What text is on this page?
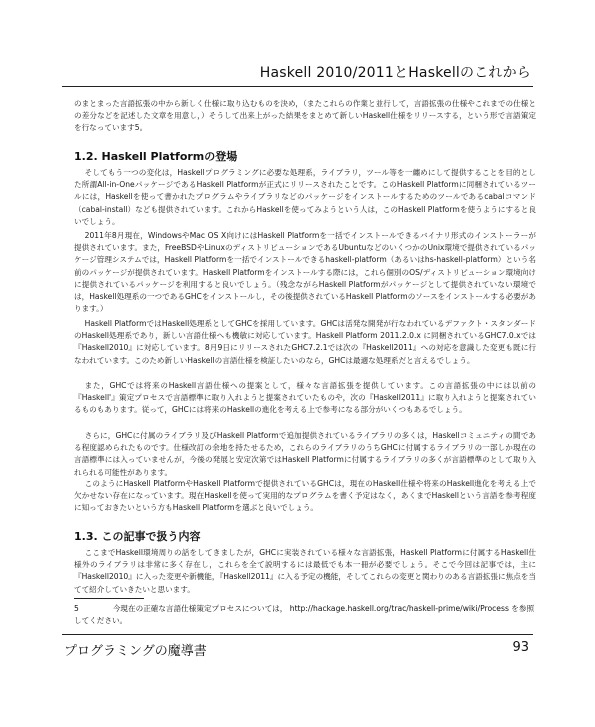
Haskell 2010/2011とHaskellのこれから

のまとまった言語拡張の中から新しく仕様に取り込むものを決め，（またこれらの作業と並行して，言語拡張の仕様やこれまでの仕様との差分などを記述した文章を用意し，）そうして出来上がった結果をまとめて新しいHaskell仕様をリリースする，という形で言語策定を行なっています5。

1.2. Haskell Platformの登場

そしてもう一つの変化は，Haskellプログラミングに必要な処理系，ライブラリ，ツール等を一纏めにして提供することを目的とした所謂All-in-OneパッケージであるHaskell Platformが正式にリリースされたことです。このHaskell Platformに同梱されているツールには，Haskellを使って書かれたプログラムやライブラリなどのパッケージをインストールするためのツールであるcabalコマンド（cabal-install）なども提供されています。これからHaskellを使ってみようという人は，このHaskell Platformを使うようにすると良いでしょう。

2011年8月現在，WindowsやMac OS X向けにはHaskell Platformを一括でインストールできるバイナリ形式のインストーラーが提供されています。また，FreeBSDやLinuxのディストリビューションであるUbuntuなどのいくつかのUnix環境で提供されているパッケージ管理システムでは，Haskell Platformを一括でインストールできるhaskell-platform（あるいはhs-haskell-platform）という名前のパッケージが提供されています。Haskell Platformをインストールする際には，これら個別のOS/ディストリビューション環境向けに提供されているパッケージを利用すると良いでしょう。（残念ながらHaskell Platformがパッケージとして提供されていない環境では，Haskell処理系の一つであるGHCをインストールし，その後提供されているHaskell Platformのソースをインストールする必要があります。）

Haskell PlatformではHaskell処理系としてGHCを採用しています。GHCは活発な開発が行なわれているデファクト・スタンダードのHaskell処理系であり，新しい言語仕様へも機敏に対応しています。Haskell Platform 2011.2.0.x に同梱されているGHC7.0.xでは『Haskell2010』に対応しています。8月9日にリリースされたGHC7.2.1では次の『Haskell2011』への対応を意識した変更も既に行なわれています。このため新しいHaskellの言語仕様を検証したいのなら，GHCは最適な処理系だと言えるでしょう。

また，GHCでは将来のHaskell言語仕様への提案として，様々な言語拡張を提供しています。この言語拡張の中には以前の『Haskell'』策定プロセスで言語標準に取り入れようと提案されていたものや，次の『Haskell2011』に取り入れようと提案されているものもあります。従って，GHCには将来のHaskellの進化を考える上で参考になる部分がいくつもあるでしょう。

さらに，GHCに付属のライブラリ及びHaskell Platformで追加提供されているライブラリの多くは，Haskellコミュニティの間である程度認められたものです。仕様改訂の余地を持たせるため，これらのライブラリのうちGHCに付属するライブラリの一部しか現在の言語標準には入っていませんが，今後の発展と安定次第ではHaskell Platformに付属するライブラリの多くが言語標準のとして取り入れられる可能性があります。

このようにHaskell PlatformやHaskell Platformで提供されているGHCは，現在のHaskell仕様や将来のHaskell進化を考える上で欠かせない存在になっています。現在Haskellを使って実用的なプログラムを書く予定はなく，あくまでHaskellという言語を参考程度に知っておきたいという方もHaskell Platformを選ぶと良いでしょう。

1.3. この記事で扱う内容

ここまでHaskell環境周りの話をしてきましたが，GHCに実装されている様々な言語拡張，Haskell Platformに付属するHaskell仕様外のライブラリは非常に多く存在し，これらを全て説明するには最低でも本一冊が必要でしょう。そこで今回は記事では，主に『Haskell2010』に入った変更や新機能，『Haskell2011』に入る予定の機能，そしてこれらの変更と関わりのある言語拡張に焦点を当てて紹介していきたいと思います。

5	今現在の正確な言語仕様策定プロセスについては， http://hackage.haskell.org/trac/haskell-prime/wiki/Process を参照してください。

プログラミングの魔導書	93
